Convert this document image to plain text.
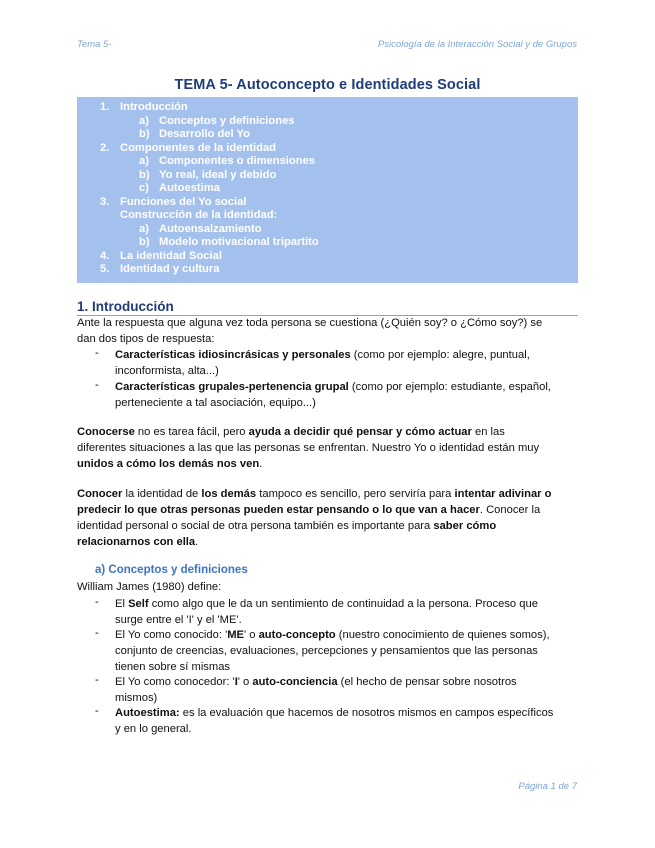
Tema 5-	Psicología de la Interacción Social y de Grupos
TEMA 5- Autoconcepto e Identidades Social
1. Introducción
a) Conceptos y definiciones
b) Desarrollo del Yo
2. Componentes de la identidad
a) Componentes o dimensiones
b) Yo real, ideal y debido
c) Autoestima
3. Funciones del Yo social
Construcción de la identidad:
a) Autoensalzamiento
b) Modelo motivacional tripartito
4. La identidad Social
5. Identidad y cultura
1. Introducción
Ante la respuesta que alguna vez toda persona se cuestiona (¿Quién soy? o ¿Cómo soy?) se
dan dos tipos de respuesta:
- Características idiosincrásicas y personales (como por ejemplo: alegre, puntual,
inconformista, alta...)
- Características grupales-pertenencia grupal (como por ejemplo: estudiante, español,
perteneciente a tal asociación, equipo...)
Conocerse no es tarea fácil, pero ayuda a decidir qué pensar y cómo actuar en las
diferentes situaciones a las que las personas se enfrentan. Nuestro Yo o identidad están muy
unidos a cómo los demás nos ven.
Conocer la identidad de los demás tampoco es sencillo, pero serviría para intentar adivinar o
predecir lo que otras personas pueden estar pensando o lo que van a hacer. Conocer la
identidad personal o social de otra persona también es importante para saber cómo
relacionarnos con ella.
a) Conceptos y definiciones
William James (1980) define:
- El Self como algo que le da un sentimiento de continuidad a la persona. Proceso que
surge entre el 'I' y el 'ME'.
- El Yo como conocido: 'ME' o auto-concepto (nuestro conocimiento de quienes somos),
conjunto de creencias, evaluaciones, percepciones y pensamientos que las personas
tienen sobre sí mismas
- El Yo como conocedor: 'I' o auto-conciencia (el hecho de pensar sobre nosotros
mismos)
- Autoestima: es la evaluación que hacemos de nosotros mismos en campos específicos
y en lo general.
Página 1 de 7
